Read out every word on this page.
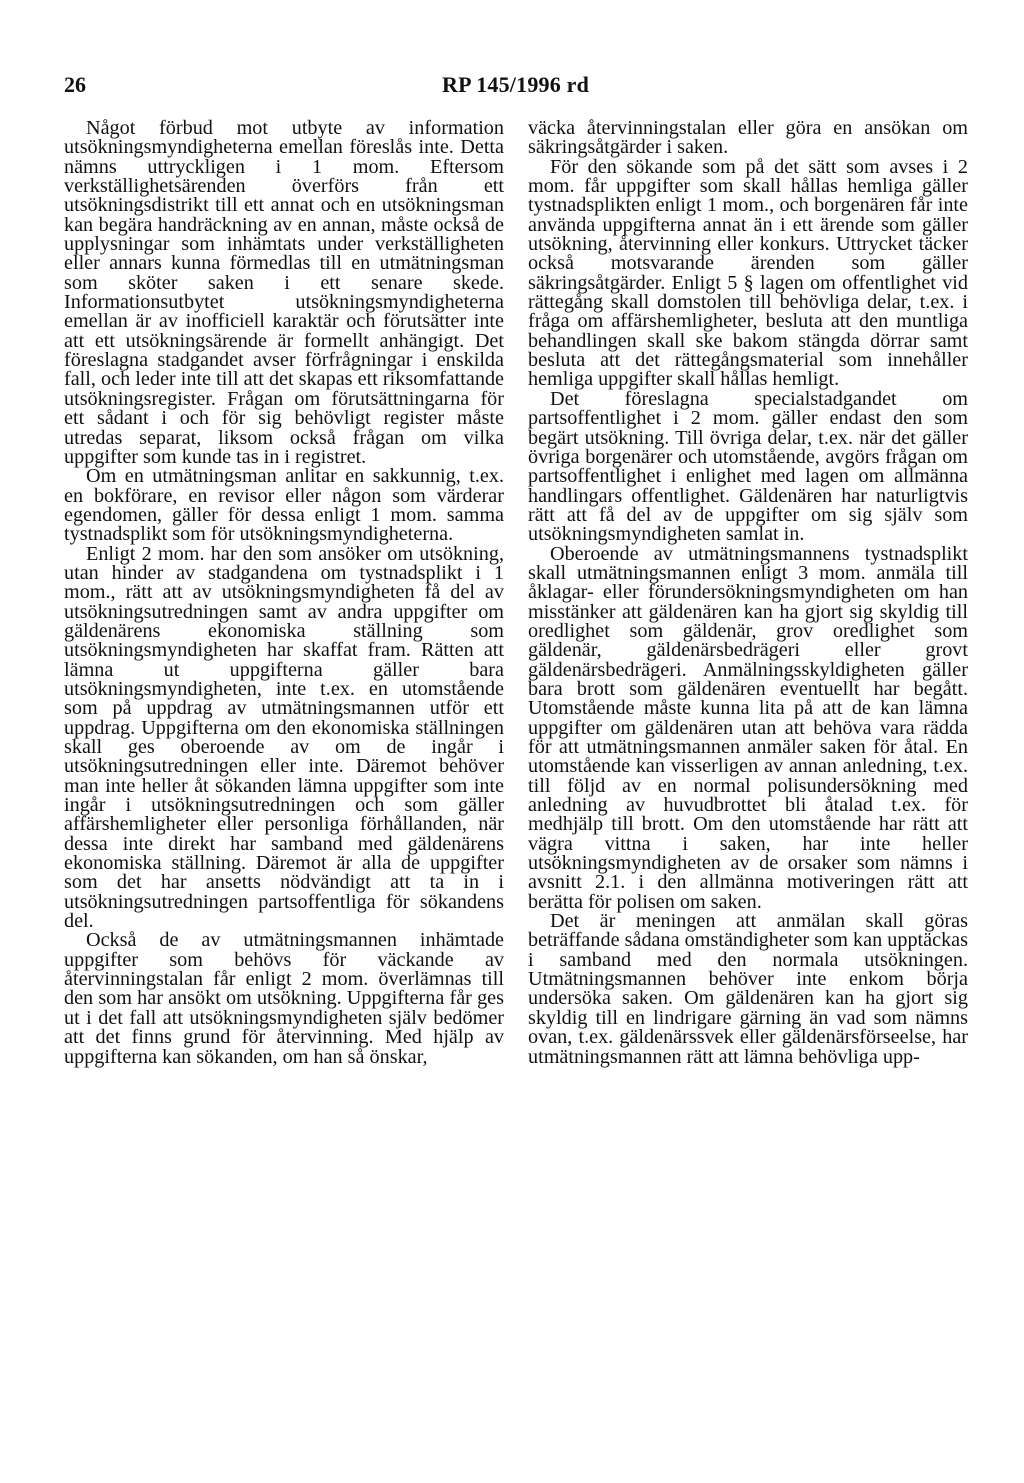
26	RP 145/1996 rd

Något förbud mot utbyte av information utsökningsmyndigheterna emellan föreslås inte. Detta nämns uttryckligen i 1 mom. Eftersom verkställighetsärenden överförs från ett utsökningsdistrikt till ett annat och en utsökningsman kan begära handräckning av en annan, måste också de upplysningar som inhämtats under verkställigheten eller annars kunna förmedlas till en utmätningsman som sköter saken i ett senare skede. Informationsutbytet utsökningsmyndigheterna emellan är av inofficiell karaktär och förutsätter inte att ett utsökningsärende är formellt anhängigt. Det föreslagna stadgandet avser förfrågningar i enskilda fall, och leder inte till att det skapas ett riksomfattande utsökningsregister. Frågan om förutsättningarna för ett sådant i och för sig behövligt register måste utredas separat, liksom också frågan om vilka uppgifter som kunde tas in i registret.

Om en utmätningsman anlitar en sakkunnig, t.ex. en bokförare, en revisor eller någon som värderar egendomen, gäller för dessa enligt 1 mom. samma tystnadsplikt som för utsökningsmyndigheterna.

Enligt 2 mom. har den som ansöker om utsökning, utan hinder av stadgandena om tystnadsplikt i 1 mom., rätt att av utsökningsmyndigheten få del av utsökningsutredningen samt av andra uppgifter om gäldenärens ekonomiska ställning som utsökningsmyndigheten har skaffat fram. Rätten att lämna ut uppgifterna gäller bara utsökningsmyndigheten, inte t.ex. en utomstående som på uppdrag av utmätningsmannen utför ett uppdrag. Uppgifterna om den ekonomiska ställningen skall ges oberoende av om de ingår i utsökningsutredningen eller inte. Däremot behöver man inte heller åt sökanden lämna uppgifter som inte ingår i utsökningsutredningen och som gäller affärshemligheter eller personliga förhållanden, när dessa inte direkt har samband med gäldenärens ekonomiska ställning. Däremot är alla de uppgifter som det har ansetts nödvändigt att ta in i utsökningsutredningen partsoffentliga för sökandens del.

Också de av utmätningsmannen inhämtade uppgifter som behövs för väckande av återvinningstalan får enligt 2 mom. överlämnas till den som har ansökt om utsökning. Uppgifterna får ges ut i det fall att utsökningsmyndigheten själv bedömer att det finns grund för återvinning. Med hjälp av uppgifterna kan sökanden, om han så önskar,

väcka återvinningstalan eller göra en ansökan om säkringsåtgärder i saken.

För den sökande som på det sätt som avses i 2 mom. får uppgifter som skall hållas hemliga gäller tystnadsplikten enligt 1 mom., och borgenären får inte använda uppgifterna annat än i ett ärende som gäller utsökning, återvinning eller konkurs. Uttrycket täcker också motsvarande ärenden som gäller säkringsåtgärder. Enligt 5 § lagen om offentlighet vid rättegång skall domstolen till behövliga delar, t.ex. i fråga om affärshemligheter, besluta att den muntliga behandlingen skall ske bakom stängda dörrar samt besluta att det rättegångsmaterial som innehåller hemliga uppgifter skall hållas hemligt.

Det föreslagna specialstadgandet om partsoffentlighet i 2 mom. gäller endast den som begärt utsökning. Till övriga delar, t.ex. när det gäller övriga borgenärer och utomstående, avgörs frågan om partsoffentlighet i enlighet med lagen om allmänna handlingars offentlighet. Gäldenären har naturligtvis rätt att få del av de uppgifter om sig själv som utsökningsmyndigheten samlat in.

Oberoende av utmätningsmannens tystnadsplikt skall utmätningsmannen enligt 3 mom. anmäla till åklagar- eller förundersökningsmyndigheten om han misstänker att gäldenären kan ha gjort sig skyldig till oredlighet som gäldenär, grov oredlighet som gäldenär, gäldenärsbedrägeri eller grovt gäldenärsbedrägeri. Anmälningsskyldigheten gäller bara brott som gäldenären eventuellt har begått. Utomstående måste kunna lita på att de kan lämna uppgifter om gäldenären utan att behöva vara rädda för att utmätningsmannen anmäler saken för åtal. En utomstående kan visserligen av annan anledning, t.ex. till följd av en normal polisundersökning med anledning av huvudbrottet bli åtalad t.ex. för medhjälp till brott. Om den utomstående har rätt att vägra vittna i saken, har inte heller utsökningsmyndigheten av de orsaker som nämns i avsnitt 2.1. i den allmänna motiveringen rätt att berätta för polisen om saken.

Det är meningen att anmälan skall göras beträffande sådana omständigheter som kan upptäckas i samband med den normala utsökningen. Utmätningsmannen behöver inte enkom börja undersöka saken. Om gäldenären kan ha gjort sig skyldig till en lindrigare gärning än vad som nämns ovan, t.ex. gäldenärssvek eller gäldenärsförseelse, har utmätningsmannen rätt att lämna behövliga upp-
